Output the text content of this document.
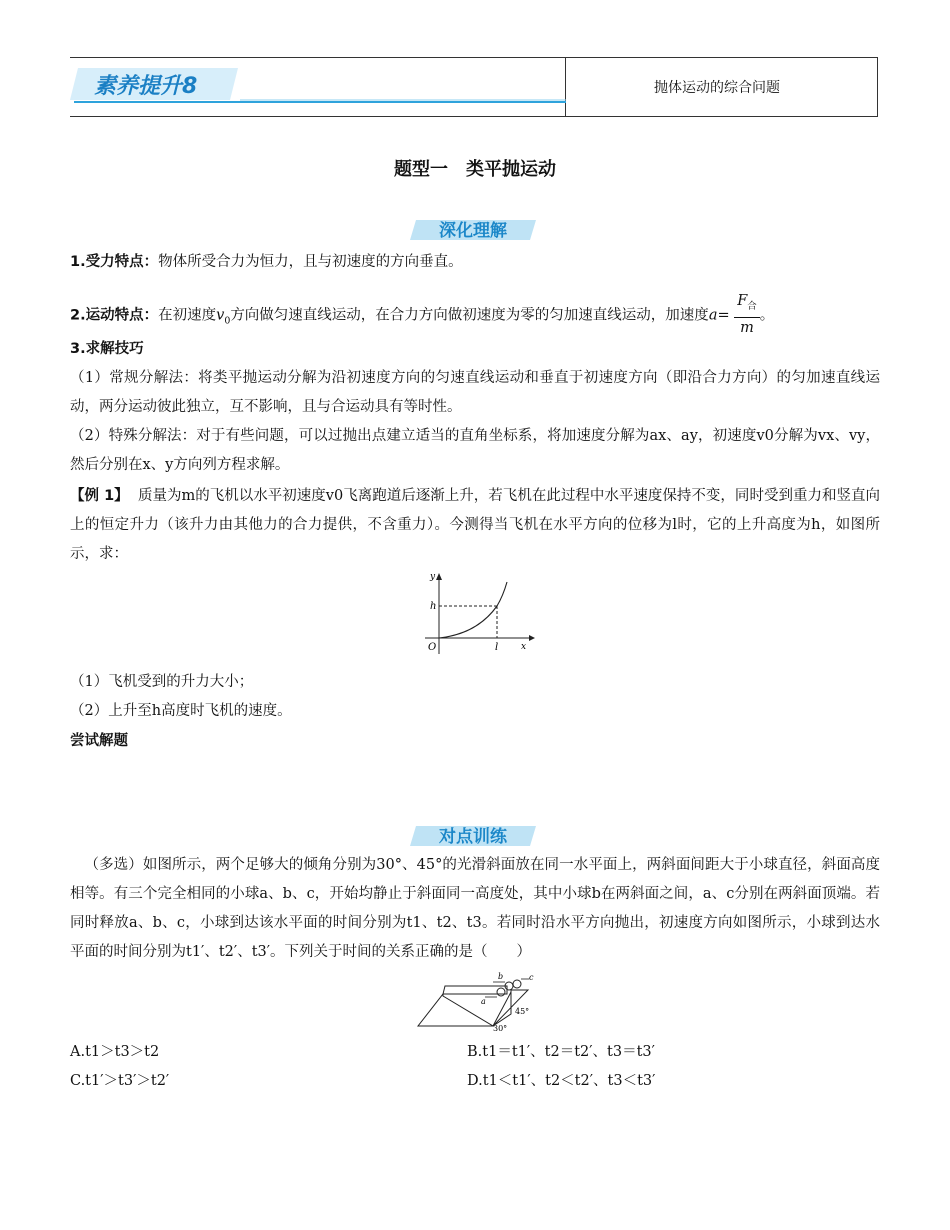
素养提升8	抛体运动的综合问题
题型一　类平抛运动
深化理解
1.受力特点：物体所受合力为恒力，且与初速度的方向垂直。
2.运动特点：在初速度$v_0$方向做匀速直线运动，在合力方向做初速度为零的匀加速直线运动，加速度a=
$F_合$
m
。
3.求解技巧
（1）常规分解法：将类平抛运动分解为沿初速度方向的匀速直线运动和垂直于初速度方向（即沿合力方向）的匀加速直线运动，两分运动彼此独立，互不影响，且与合运动具有等时性。
（2）特殊分解法：对于有些问题，可以过抛出点建立适当的直角坐标系，将加速度分解为ax、ay，初速度v0分解为vx、vy，然后分别在x、y方向列方程求解。
【例 1】 质量为m的飞机以水平初速度v0飞离跑道后逐渐上升，若飞机在此过程中水平速度保持不变，同时受到重力和竖直向上的恒定升力（该升力由其他力的合力提供，不含重力）。今测得当飞机在水平方向的位移为l时，它的上升高度为h，如图所示，求：
y
x
O
h
l
（1）飞机受到的升力大小；
（2）上升至h高度时飞机的速度。
尝试解题
对点训练
（多选）如图所示，两个足够大的倾角分别为30°、45°的光滑斜面放在同一水平面上，两斜面间距大于小球直径，斜面高度相等。有三个完全相同的小球a、b、c，开始均静止于斜面同一高度处，其中小球b在两斜面之间，a、c分别在两斜面顶端。若同时释放a、b、c，小球到达该水平面的时间分别为t1、t2、t3。若同时沿水平方向抛出，初速度方向如图所示，小球到达水平面的时间分别为t1′、t2′、t3′。下列关于时间的关系正确的是（　　）
a
b	c
45°
30°
A.t1＞t3＞t2	B.t1＝t1′、t2＝t2′、t3＝t3′
C.t1′＞t3′＞t2′	D.t1＜t1′、t2＜t2′、t3＜t3′
